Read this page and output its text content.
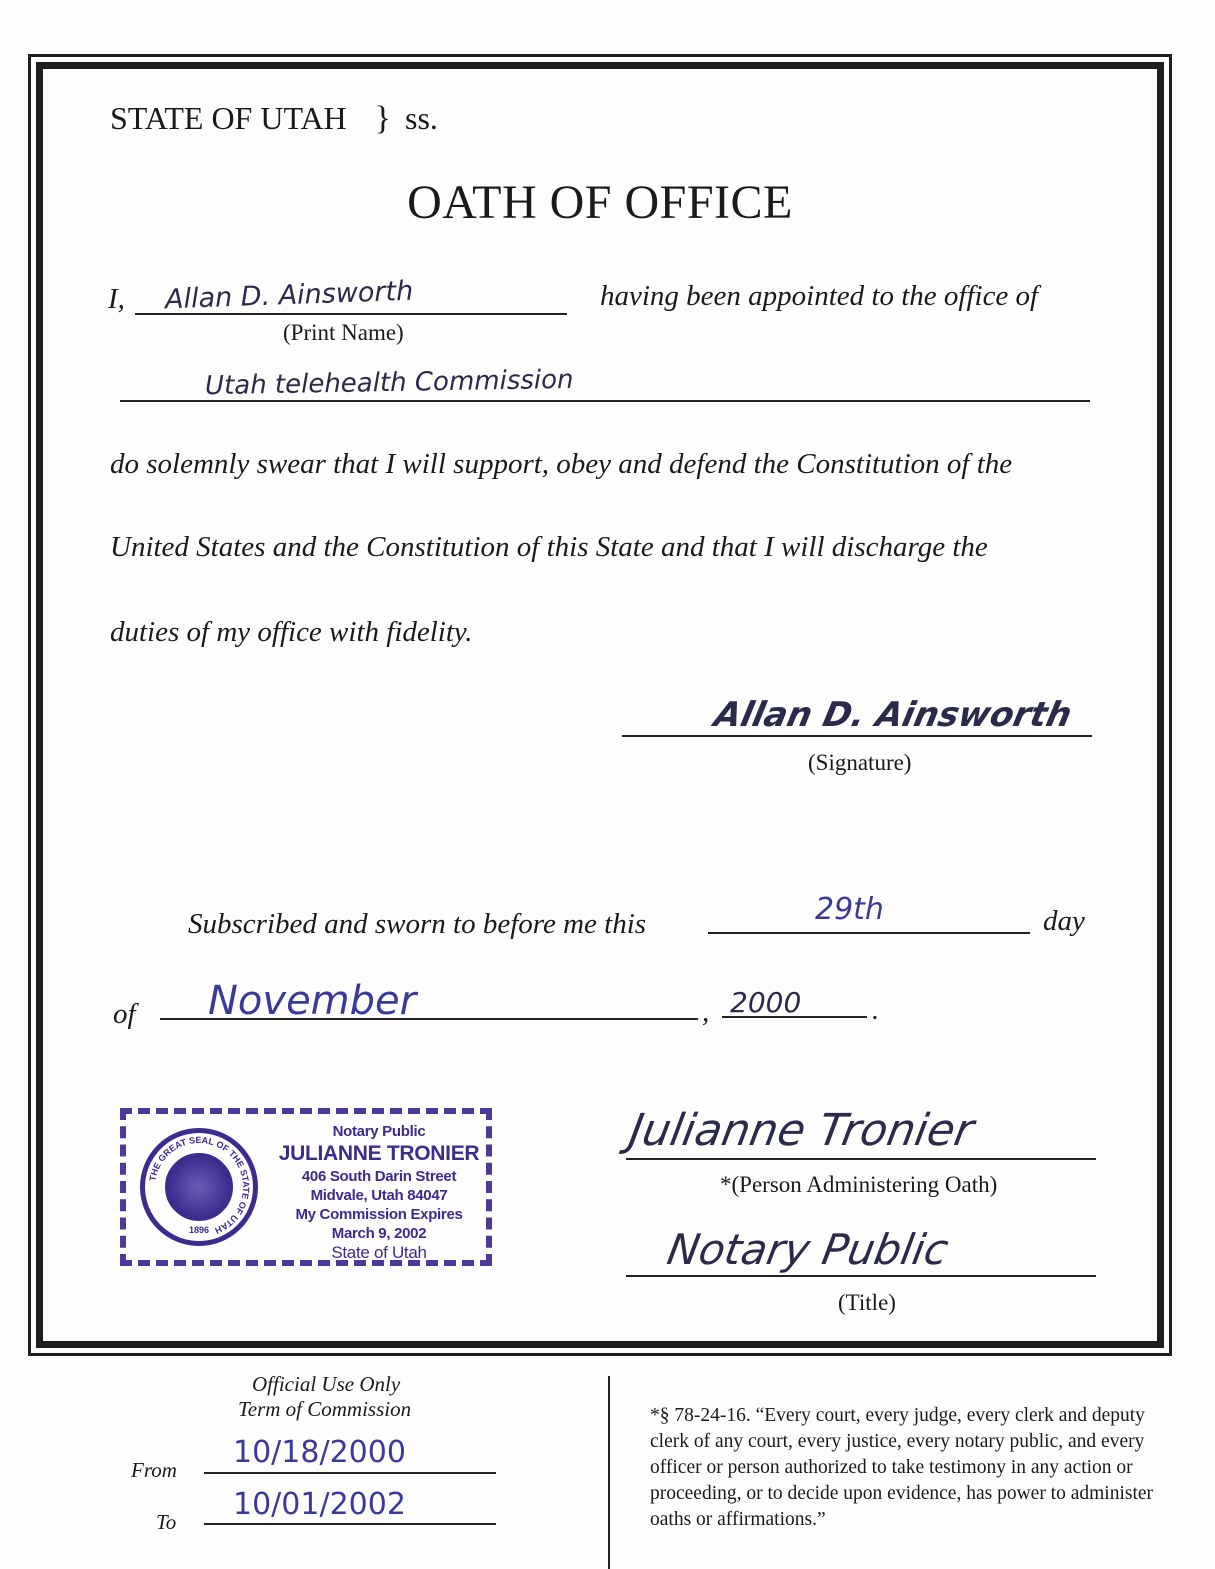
STATE OF UTAH } ss.
OATH OF OFFICE
I, Allan D. Ainsworth
(Print Name)
having been appointed to the office of
Utah telehealth Commission
do solemnly swear that I will support, obey and defend the Constitution of the
United States and the Constitution of this State and that I will discharge the
duties of my office with fidelity.
Allan D. Ainsworth
(Signature)
Subscribed and sworn to before me this	29th	day
of November	, 2000 .
THE GREAT SEAL OF THE STATE OF UTAH
1896
Notary Public
JULIANNE TRONIER
406 South Darin Street
Midvale, Utah 84047
My Commission Expires
March 9, 2002
State of Utah
Julianne Tronier
*(Person Administering Oath)
Notary Public
(Title)
Official Use Only
Term of Commission
From 10/18/2000
To 10/01/2002
*§ 78-24-16. “Every court, every judge, every clerk and deputy clerk of any court, every justice, every notary public, and every officer or person authorized to take testimony in any action or proceeding, or to decide upon evidence, has power to administer oaths or affirmations.”
